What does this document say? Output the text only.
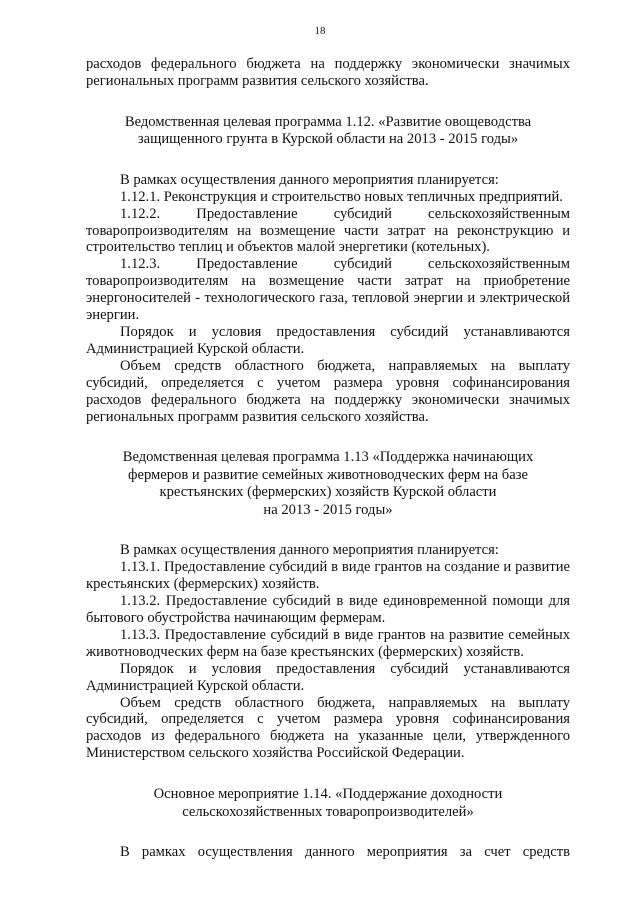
18

расходов федерального бюджета на поддержку экономически значимых региональных программ развития сельского хозяйства.

Ведомственная целевая программа 1.12. «Развитие овощеводства

защищенного грунта в Курской области на 2013 - 2015 годы»

В рамках осуществления данного мероприятия планируется:

1.12.1. Реконструкция и строительство новых тепличных предприятий.

1.12.2. Предоставление субсидий сельскохозяйственным товаропроизводителям на возмещение части затрат на реконструкцию и строительство теплиц и объектов малой энергетики (котельных).

1.12.3. Предоставление субсидий сельскохозяйственным товаропроизводителям на возмещение части затрат на приобретение энергоносителей - технологического газа, тепловой энергии и электрической энергии.

Порядок и условия предоставления субсидий устанавливаются Администрацией Курской области.

Объем средств областного бюджета, направляемых на выплату субсидий, определяется с учетом размера уровня софинансирования расходов федерального бюджета на поддержку экономически значимых региональных программ развития сельского хозяйства.

Ведомственная целевая программа 1.13 «Поддержка начинающих

фермеров и развитие семейных животноводческих ферм на базе

крестьянских (фермерских) хозяйств Курской области

на 2013 - 2015 годы»

В рамках осуществления данного мероприятия планируется:

1.13.1. Предоставление субсидий в виде грантов на создание и развитие крестьянских (фермерских) хозяйств.

1.13.2. Предоставление субсидий в виде единовременной помощи для бытового обустройства начинающим фермерам.

1.13.3. Предоставление субсидий в виде грантов на развитие семейных животноводческих ферм на базе крестьянских (фермерских) хозяйств.

Порядок и условия предоставления субсидий устанавливаются Администрацией Курской области.

Объем средств областного бюджета, направляемых на выплату субсидий, определяется с учетом размера уровня софинансирования расходов из федерального бюджета на указанные цели, утвержденного Министерством сельского хозяйства Российской Федерации.

Основное мероприятие 1.14. «Поддержание доходности

сельскохозяйственных товаропроизводителей»

В рамках осуществления данного мероприятия за счет средств
